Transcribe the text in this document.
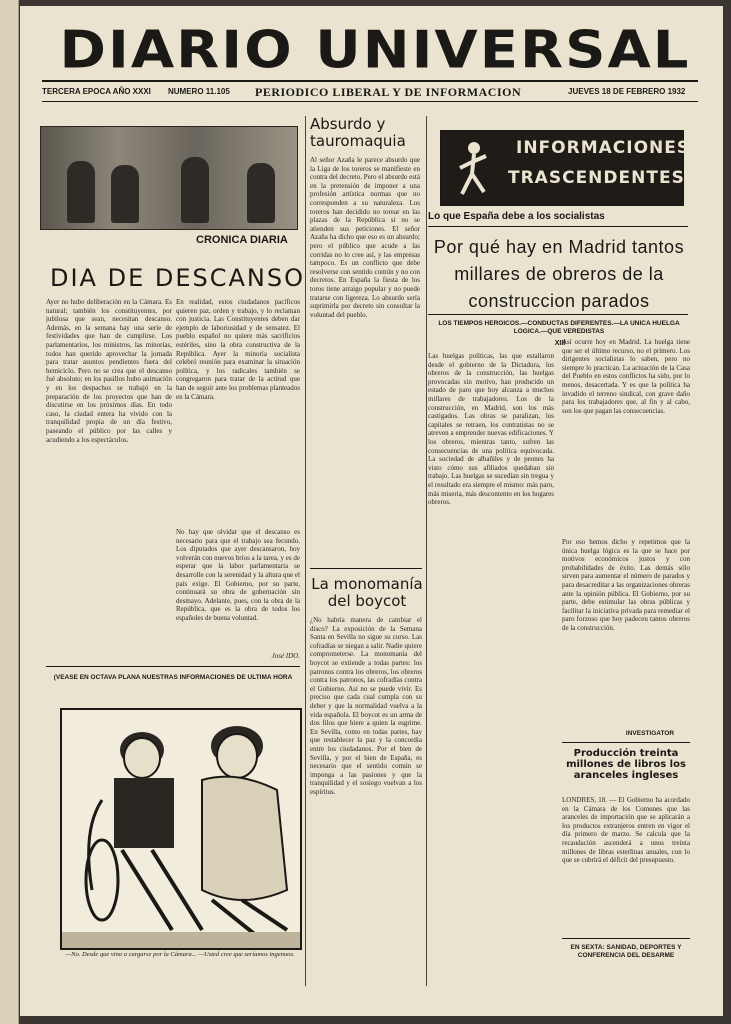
DIARIO UNIVERSAL
TERCERA EPOCA AÑO XXXI NUMERO 11.105 PERIODICO LIBERAL Y DE INFORMACION	JUEVES 18 DE FEBRERO 1932
CRONICA DIARIA
DIA DE DESCANSO
Ayer no hubo deliberación en la Cámara. Es natural; también los constituyentes, por jubilosa que sean, necesitan descanso. Además, en la semana hay una serie de festividades que han de cumplirse. Los parlamentarios, los ministros, las minorías, todos han querido aprovechar la jornada para tratar asuntos pendientes fuera del hemiciclo. Pero no se crea que el descanso fué absoluto; en los pasillos hubo animación y en los despachos se trabajó en la preparación de los proyectos que han de discutirse en los próximos días. En todo caso, la ciudad entera ha vivido con la tranquilidad propia de un día festivo, paseando el público por las calles y acudiendo a los espectáculos.
En realidad, estos ciudadanos pacíficos quieren paz, orden y trabajo, y lo reclaman con justicia. Las Constituyentes deben dar ejemplo de laboriosidad y de sensatez. El pueblo español no quiere más sacrificios estériles, sino la obra constructiva de la República. Ayer la minoría socialista celebró reunión para examinar la situación política, y los radicales también se congregaron para tratar de la actitud que han de seguir ante los problemas planteados en la Cámara.
No hay que olvidar que el descanso es necesario para que el trabajo sea fecundo. Los diputados que ayer descansaron, hoy volverán con nuevos bríos a la tarea, y es de esperar que la labor parlamentaria se desarrolle con la serenidad y la altura que el país exige. El Gobierno, por su parte, continuará su obra de gobernación sin desmayo. Adelante, pues, con la obra de la República, que es la obra de todos los españoles de buena voluntad.
José IDO.
(VEASE EN OCTAVA PLANA NUESTRAS INFORMACIONES DE ULTIMA HORA
—No. Desde que vino a cargarse por la Cámara... —Usted cree que seríamos ingenuos.
Absurdo y tauromaquia
Al señor Azaña le parece absurdo que la Liga de los toreros se manifieste en contra del decreto. Pero el absurdo está en la pretensión de imponer a una profesión artística normas que no corresponden a su naturaleza. Los toreros han decidido no torear en las plazas de la República si no se atienden sus peticiones. El señor Azaña ha dicho que eso es un absurdo; pero el público que acude a las corridas no lo cree así, y las empresas tampoco. Es un conflicto que debe resolverse con sentido común y no con decretos. En España la fiesta de los toros tiene arraigo popular y no puede tratarse con ligereza. Lo absurdo sería suprimirla por decreto sin consultar la voluntad del pueblo.
La monomanía del boycot
¿No habría manera de cambiar el disco? La exposición de la Semana Santa en Sevilla no sigue su curso. Las cofradías se niegan a salir. Nadie quiere comprometerse. La monomanía del boycot se extiende a todas partes: los patronos contra los obreros, los obreros contra los patronos, las cofradías contra el Gobierno. Así no se puede vivir. Es preciso que cada cual cumpla con su deber y que la normalidad vuelva a la vida española. El boycot es un arma de dos filos que hiere a quien la esgrime. En Sevilla, como en todas partes, hay que restablecer la paz y la concordia entre los ciudadanos. Por el bien de Sevilla, y por el bien de España, es necesario que el sentido común se imponga a las pasiones y que la tranquilidad y el sosiego vuelvan a los espíritus.
INFORMACIONES
TRASCENDENTES
Lo que España debe a los socialistas
Por qué hay en Madrid tantos millares de obreros de la construccion parados
LOS TIEMPOS HEROICOS.—CONDUCTAS DIFERENTES.—LA UNICA HUELGA LOGICA.—QUE VEREDISTAS
XIII
Las huelgas políticas, las que estallaron desde el gobierno de la Dictadura, los obreros de la construcción, las huelgas provocadas sin motivo, han producido un estado de paro que hoy alcanza a muchos millares de trabajadores. Los de la construcción, en Madrid, son los más castigados. Las obras se paralizan, los capitales se retraen, los contratistas no se atreven a emprender nuevas edificaciones. Y los obreros, mientras tanto, sufren las consecuencias de una política equivocada. La sociedad de albañiles y de peones ha visto cómo sus afiliados quedaban sin trabajo. Las huelgas se sucedían sin tregua y el resultado era siempre el mismo: más paro, más miseria, más descontento en los hogares obreros.
Así ocurre hoy en Madrid. La huelga tiene que ser el último recurso, no el primero. Los dirigentes socialistas lo saben, pero no siempre lo practican. La actuación de la Casa del Pueblo en estos conflictos ha sido, por lo menos, desacertada. Y es que la política ha invadido el terreno sindical, con grave daño para los trabajadores que, al fin y al cabo, son los que pagan las consecuencias.
Por eso hemos dicho y repetimos que la única huelga lógica es la que se hace por motivos económicos justos y con probabilidades de éxito. Las demás sólo sirven para aumentar el número de parados y para desacreditar a las organizaciones obreras ante la opinión pública. El Gobierno, por su parte, debe estimular las obras públicas y facilitar la iniciativa privada para remediar el paro forzoso que hoy padecen tantos obreros de la construcción.
INVESTIGATOR
Producción treinta millones de libros los aranceles ingleses
LONDRES, 18. — El Gobierno ha acordado en la Cámara de los Comunes que las aranceles de importación que se aplicarán a los productos extranjeros entren en vigor el día primero de marzo. Se calcula que la recaudación ascenderá a unos treinta millones de libras esterlinas anuales, con lo que se cubrirá el déficit del presupuesto.
EN SEXTA: SANIDAD, DEPORTES Y CONFERENCIA DEL DESARME
